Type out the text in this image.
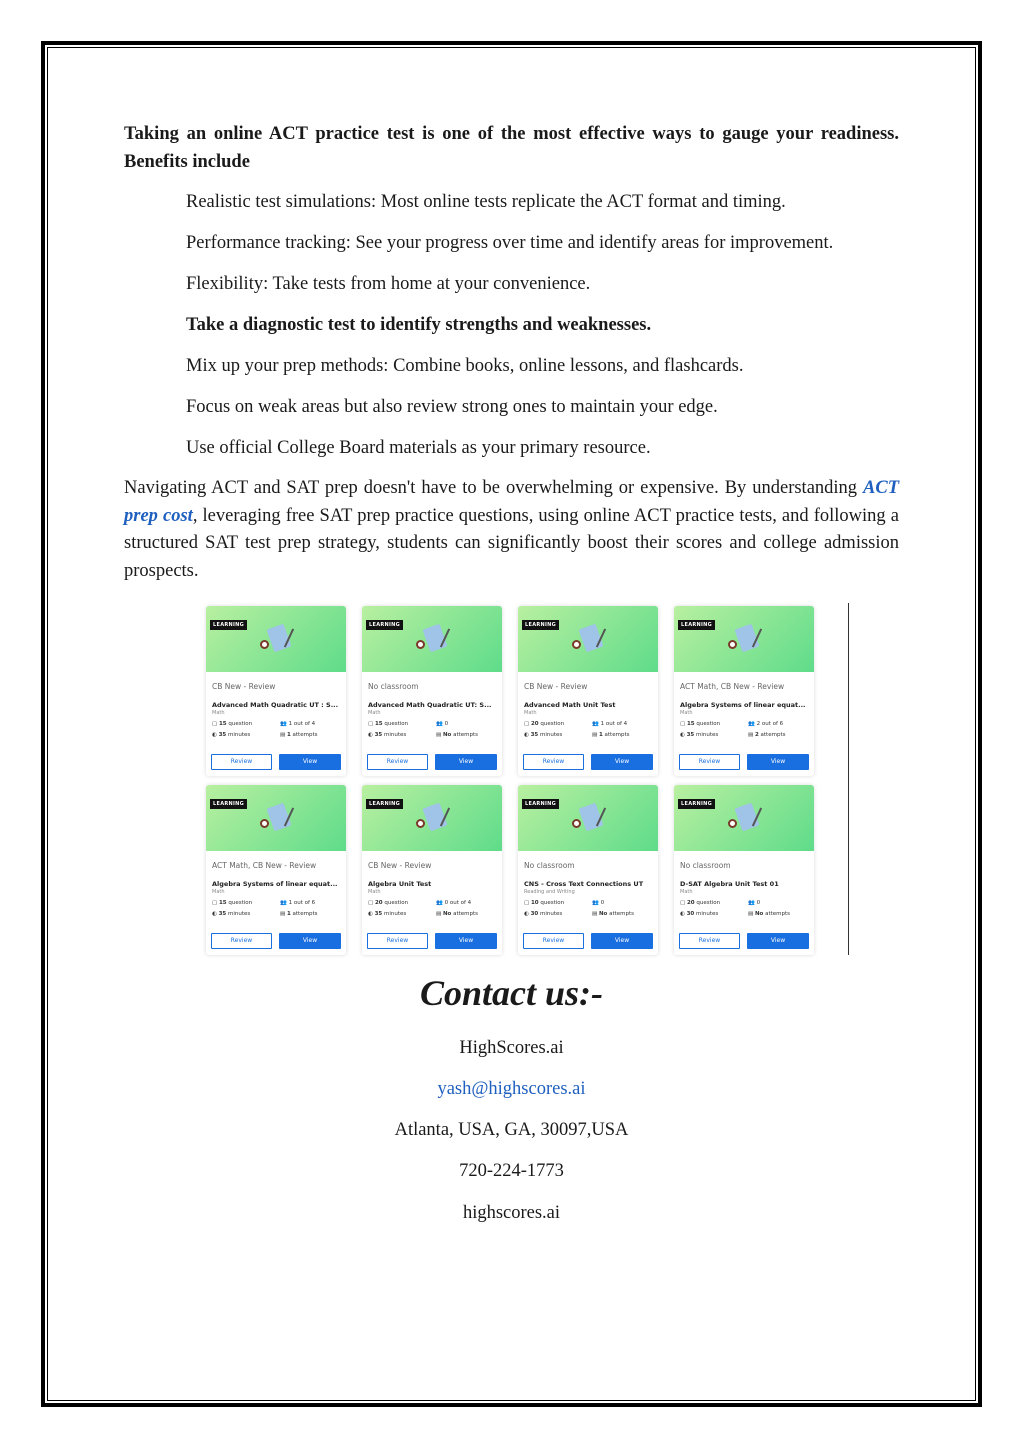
Taking an online ACT practice test is one of the most effective ways to gauge your readiness. Benefits include

Realistic test simulations: Most online tests replicate the ACT format and timing.
Performance tracking: See your progress over time and identify areas for improvement.
Flexibility: Take tests from home at your convenience.
Take a diagnostic test to identify strengths and weaknesses.
Mix up your prep methods: Combine books, online lessons, and flashcards.
Focus on weak areas but also review strong ones to maintain your edge.
Use official College Board materials as your primary resource.
Navigating ACT and SAT prep doesn't have to be overwhelming or expensive. By understanding ACT prep cost, leveraging free SAT prep practice questions, using online ACT practice tests, and following a structured SAT test prep strategy, students can significantly boost their scores and college admission prospects.
LEARNING
CB New - Review
Advanced Math Quadratic UT : S...
Math
▢ 15 question
◐ 35 minutes
👥 1 out of 4
▤ 1 attempts
Review	View
LEARNING
No classroom
Advanced Math Quadratic UT: S...
Math
▢ 15 question
◐ 35 minutes
👥 0
▤ No attempts
Review	View
LEARNING
CB New - Review
Advanced Math Unit Test
Math
▢ 20 question
◐ 35 minutes
👥 1 out of 4
▤ 1 attempts
Review	View
LEARNING
ACT Math, CB New - Review
Algebra Systems of linear equat...
Math
▢ 15 question
◐ 35 minutes
👥 2 out of 6
▤ 2 attempts
Review	View
LEARNING
ACT Math, CB New - Review
Algebra Systems of linear equat...
Math
▢ 15 question
◐ 35 minutes
👥 1 out of 6
▤ 1 attempts
Review	View
LEARNING
CB New - Review
Algebra Unit Test
Math
▢ 20 question
◐ 35 minutes
👥 0 out of 4
▤ No attempts
Review	View
LEARNING
No classroom
CNS - Cross Text Connections UT
Reading and Writing
▢ 10 question
◐ 30 minutes
👥 0
▤ No attempts
Review	View
LEARNING
No classroom
D-SAT Algebra Unit Test 01
Math
▢ 20 question
◐ 30 minutes
👥 0
▤ No attempts
Review	View
Contact us:-

HighScores.ai

yash@highscores.ai

Atlanta, USA, GA, 30097,USA

720-224-1773

highscores.ai
